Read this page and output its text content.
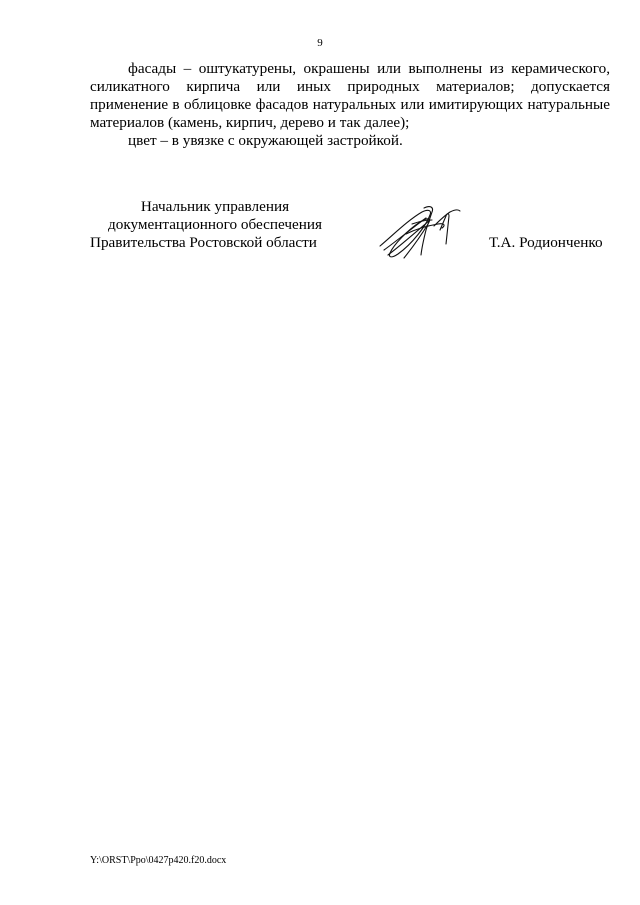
9

фасады – оштукатурены, окрашены или выполнены из керамического, силикатного кирпича или иных природных материалов; допускается применение в облицовке фасадов натуральных или имитирующих натуральные материалов (камень, кирпич, дерево и так далее);

цвет – в увязке с окружающей застройкой.

Начальник управления
документационного обеспечения
Правительства Ростовской области	Т.А. Родионченко
Y:\ORST\Ppo\0427p420.f20.docx
